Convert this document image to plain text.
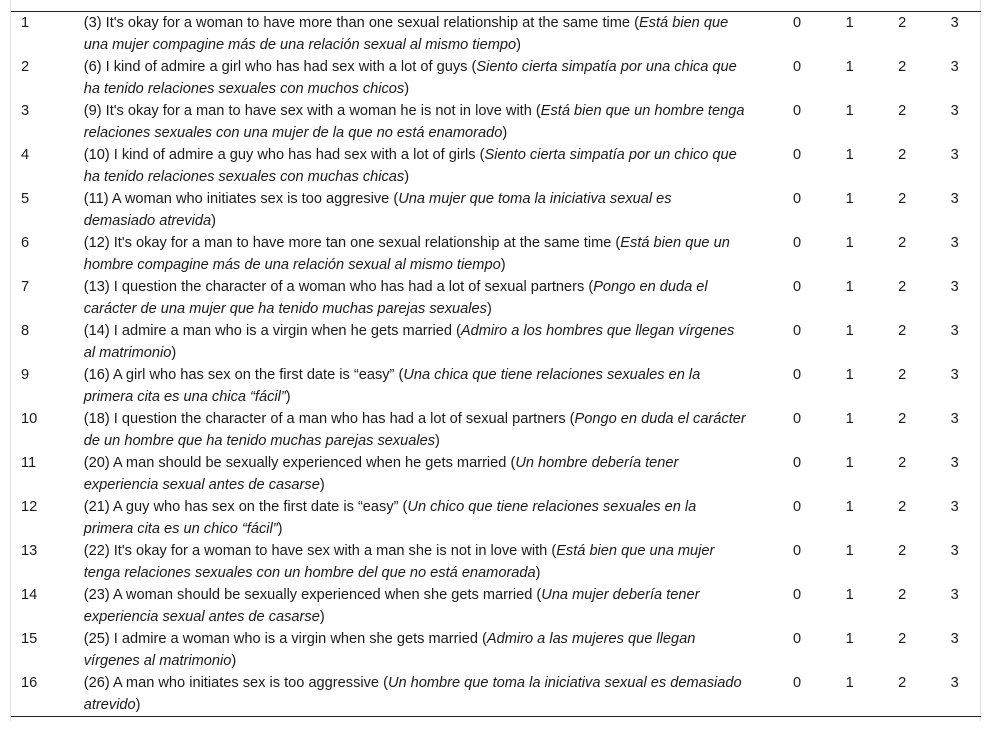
1	(3) It's okay for a woman to have more than one sexual relationship at the same time (Está bien que una mujer compagine más de una relación sexual al mismo tiempo)	0	1	2	3
2	(6) I kind of admire a girl who has had sex with a lot of guys (Siento cierta simpatía por una chica que ha tenido relaciones sexuales con muchos chicos)	0	1	2	3
3	(9) It's okay for a man to have sex with a woman he is not in love with (Está bien que un hombre tenga relaciones sexuales con una mujer de la que no está enamorado)	0	1	2	3
4	(10) I kind of admire a guy who has had sex with a lot of girls (Siento cierta simpatía por un chico que ha tenido relaciones sexuales con muchas chicas)	0	1	2	3
5	(11) A woman who initiates sex is too aggresive (Una mujer que toma la iniciativa sexual es demasiado atrevida)	0	1	2	3
6	(12) It's okay for a man to have more tan one sexual relationship at the same time (Está bien que un hombre compagine más de una relación sexual al mismo tiempo)	0	1	2	3
7	(13) I question the character of a woman who has had a lot of sexual partners (Pongo en duda el carácter de una mujer que ha tenido muchas parejas sexuales)	0	1	2	3
8	(14) I admire a man who is a virgin when he gets married (Admiro a los hombres que llegan vírgenes al matrimonio)	0	1	2	3
9	(16) A girl who has sex on the first date is “easy” (Una chica que tiene relaciones sexuales en la primera cita es una chica “fácil”)	0	1	2	3
10	(18) I question the character of a man who has had a lot of sexual partners (Pongo en duda el carácter de un hombre que ha tenido muchas parejas sexuales)	0	1	2	3
11	(20) A man should be sexually experienced when he gets married (Un hombre debería tener experiencia sexual antes de casarse)	0	1	2	3
12	(21) A guy who has sex on the first date is “easy” (Un chico que tiene relaciones sexuales en la primera cita es un chico “fácil”)	0	1	2	3
13	(22) It's okay for a woman to have sex with a man she is not in love with (Está bien que una mujer tenga relaciones sexuales con un hombre del que no está enamorada)	0	1	2	3
14	(23) A woman should be sexually experienced when she gets married (Una mujer debería tener experiencia sexual antes de casarse)	0	1	2	3
15	(25) I admire a woman who is a virgin when she gets married (Admiro a las mujeres que llegan vírgenes al matrimonio)	0	1	2	3
16	(26) A man who initiates sex is too aggressive (Un hombre que toma la iniciativa sexual es demasiado atrevido)	0	1	2	3
